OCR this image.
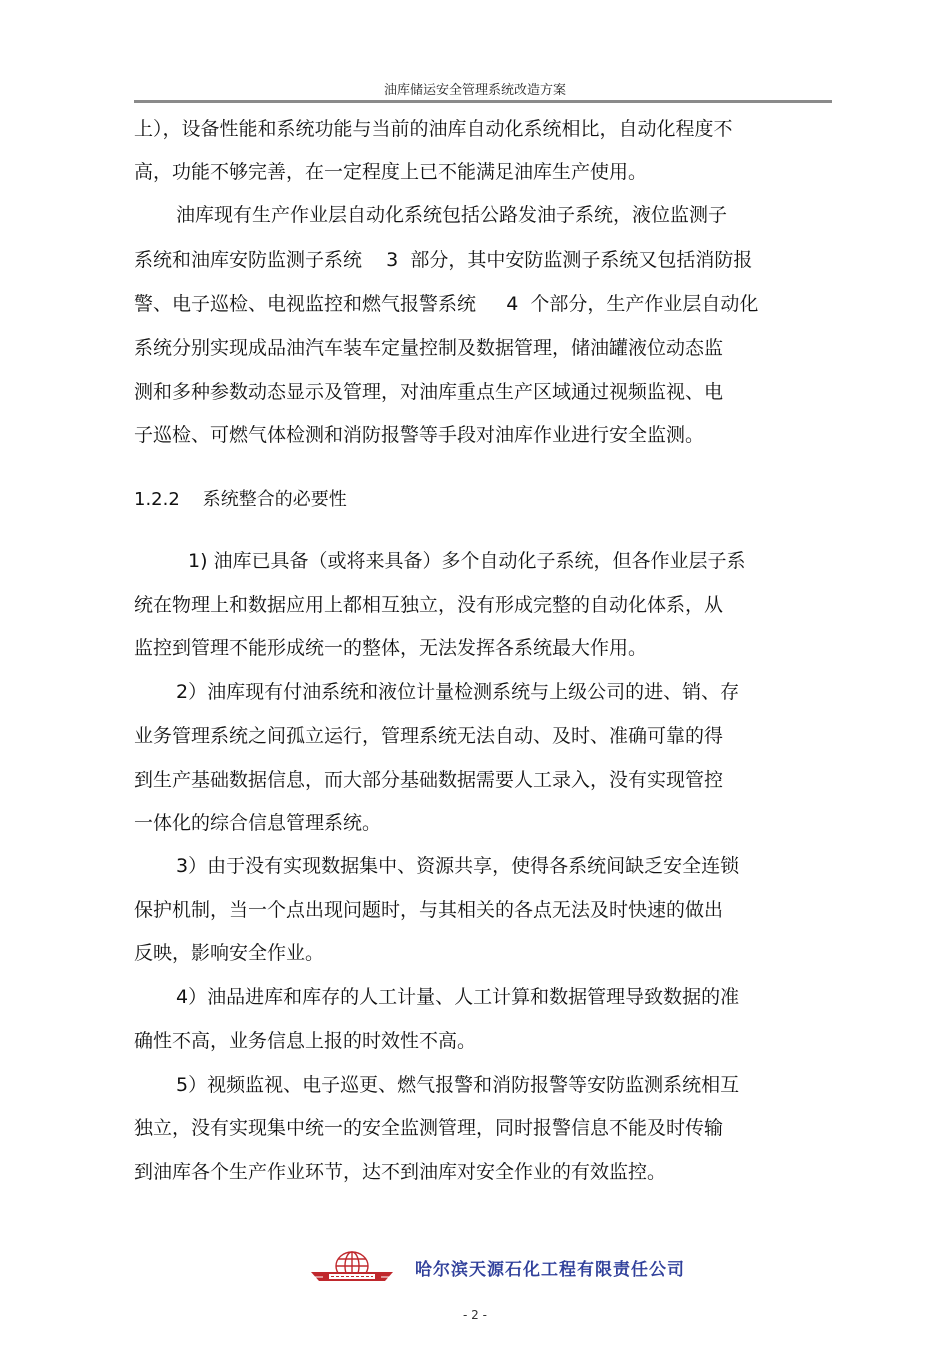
油库储运安全管理系统改造方案
上），设备性能和系统功能与当前的油库自动化系统相比，自动化程度不
高，功能不够完善，在一定程度上已不能满足油库生产使用。
油库现有生产作业层自动化系统包括公路发油子系统，液位监测子
系统和油库安防监测子系统    3  部分，其中安防监测子系统又包括消防报
警、电子巡检、电视监控和燃气报警系统     4  个部分，生产作业层自动化
系统分别实现成品油汽车装车定量控制及数据管理，储油罐液位动态监
测和多种参数动态显示及管理，对油库重点生产区域通过视频监视、电
子巡检、可燃气体检测和消防报警等手段对油库作业进行安全监测。
1.2.2 系统整合的必要性
1) 油库已具备（或将来具备）多个自动化子系统，但各作业层子系
统在物理上和数据应用上都相互独立，没有形成完整的自动化体系，从
监控到管理不能形成统一的整体，无法发挥各系统最大作用。
2）油库现有付油系统和液位计量检测系统与上级公司的进、销、存
业务管理系统之间孤立运行，管理系统无法自动、及时、准确可靠的得
到生产基础数据信息，而大部分基础数据需要人工录入，没有实现管控
一体化的综合信息管理系统。
3）由于没有实现数据集中、资源共享，使得各系统间缺乏安全连锁
保护机制，当一个点出现问题时，与其相关的各点无法及时快速的做出
反映，影响安全作业。
4）油品进库和库存的人工计量、人工计算和数据管理导致数据的准
确性不高，业务信息上报的时效性不高。
5）视频监视、电子巡更、燃气报警和消防报警等安防监测系统相互
独立，没有实现集中统一的安全监测管理，同时报警信息不能及时传输
到油库各个生产作业环节，达不到油库对安全作业的有效监控。
哈尔滨天源石化工程有限责任公司
- 2 -
